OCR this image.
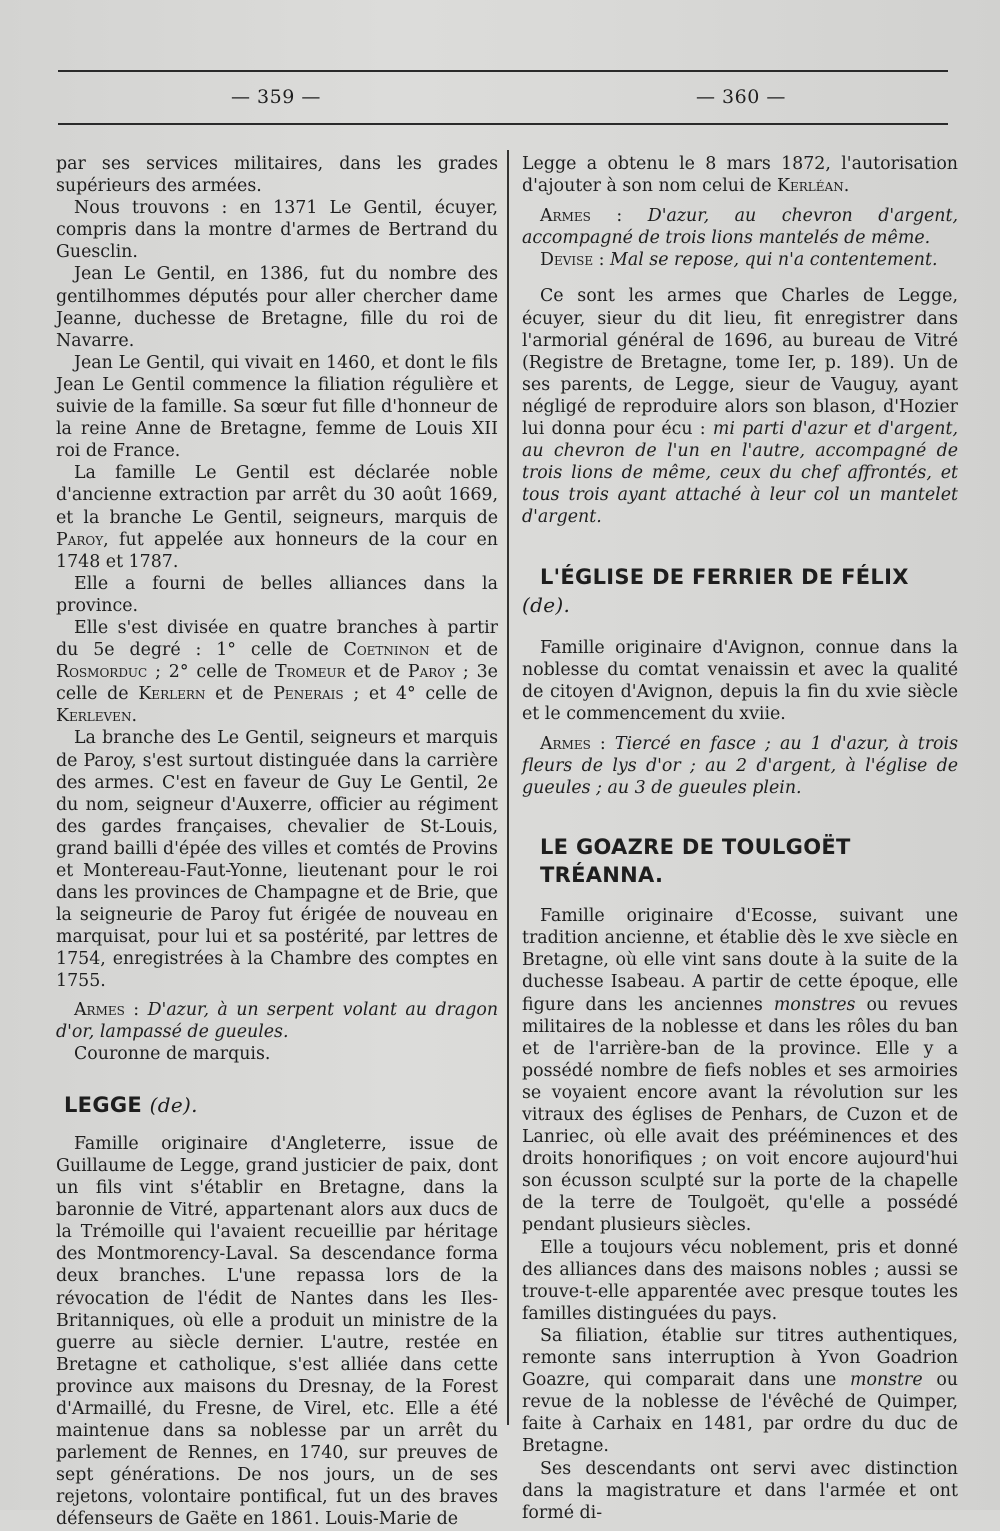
— 359 —	— 360 —

par ses services militaires, dans les grades supérieurs des armées.

Nous trouvons : en 1371 Le Gentil, écuyer, compris dans la montre d'armes de Bertrand du Guesclin.

Jean Le Gentil, en 1386, fut du nombre des gentilhommes députés pour aller chercher dame Jeanne, duchesse de Bretagne, fille du roi de Navarre.

Jean Le Gentil, qui vivait en 1460, et dont le fils Jean Le Gentil commence la filiation régulière et suivie de la famille. Sa sœur fut fille d'honneur de la reine Anne de Bretagne, femme de Louis XII roi de France.

La famille Le Gentil est déclarée noble d'ancienne extraction par arrêt du 30 août 1669, et la branche Le Gentil, seigneurs, marquis de Paroy, fut appelée aux honneurs de la cour en 1748 et 1787.

Elle a fourni de belles alliances dans la province.

Elle s'est divisée en quatre branches à partir du 5e degré : 1° celle de Coetninon et de Rosmorduc ; 2° celle de Tromeur et de Paroy ; 3e celle de Kerlern et de Penerais ; et 4° celle de Kerleven.

La branche des Le Gentil, seigneurs et marquis de Paroy, s'est surtout distinguée dans la carrière des armes. C'est en faveur de Guy Le Gentil, 2e du nom, seigneur d'Auxerre, officier au régiment des gardes françaises, chevalier de St-Louis, grand bailli d'épée des villes et comtés de Provins et Montereau-Faut-Yonne, lieutenant pour le roi dans les provinces de Champagne et de Brie, que la seigneurie de Paroy fut érigée de nouveau en marquisat, pour lui et sa postérité, par lettres de 1754, enregistrées à la Chambre des comptes en 1755.

Armes : D'azur, à un serpent volant au dragon d'or, lampassé de gueules.

Couronne de marquis.

LEGGE (de).

Famille originaire d'Angleterre, issue de Guillaume de Legge, grand justicier de paix, dont un fils vint s'établir en Bretagne, dans la baronnie de Vitré, appartenant alors aux ducs de la Trémoille qui l'avaient recueillie par héritage des Montmorency-Laval. Sa descendance forma deux branches. L'une repassa lors de la révocation de l'édit de Nantes dans les Iles-Britanniques, où elle a produit un ministre de la guerre au siècle dernier. L'autre, restée en Bretagne et catholique, s'est alliée dans cette province aux maisons du Dresnay, de la Forest d'Armaillé, du Fresne, de Virel, etc. Elle a été maintenue dans sa noblesse par un arrêt du parlement de Rennes, en 1740, sur preuves de sept générations. De nos jours, un de ses rejetons, volontaire pontifical, fut un des braves défenseurs de Gaëte en 1861. Louis-Marie de

Legge a obtenu le 8 mars 1872, l'autorisation d'ajouter à son nom celui de Kerléan.

Armes : D'azur, au chevron d'argent, accompagné de trois lions mantelés de même.

Devise : Mal se repose, qui n'a contentement.

Ce sont les armes que Charles de Legge, écuyer, sieur du dit lieu, fit enregistrer dans l'armorial général de 1696, au bureau de Vitré (Registre de Bretagne, tome Ier, p. 189). Un de ses parents, de Legge, sieur de Vauguy, ayant négligé de reproduire alors son blason, d'Hozier lui donna pour écu : mi parti d'azur et d'argent, au chevron de l'un en l'autre, accompagné de trois lions de même, ceux du chef affrontés, et tous trois ayant attaché à leur col un mantelet d'argent.

L'ÉGLISE DE FERRIER DE FÉLIX
(de).

Famille originaire d'Avignon, connue dans la noblesse du comtat venaissin et avec la qualité de citoyen d'Avignon, depuis la fin du xvie siècle et le commencement du xviie.

Armes : Tiercé en fasce ; au 1 d'azur, à trois fleurs de lys d'or ; au 2 d'argent, à l'église de gueules ; au 3 de gueules plein.

LE GOAZRE DE TOULGOËT TRÉANNA.

Famille originaire d'Ecosse, suivant une tradition ancienne, et établie dès le xve siècle en Bretagne, où elle vint sans doute à la suite de la duchesse Isabeau. A partir de cette époque, elle figure dans les anciennes monstres ou revues militaires de la noblesse et dans les rôles du ban et de l'arrière-ban de la province. Elle y a possédé nombre de fiefs nobles et ses armoiries se voyaient encore avant la révolution sur les vitraux des églises de Penhars, de Cuzon et de Lanriec, où elle avait des prééminences et des droits honorifiques ; on voit encore aujourd'hui son écusson sculpté sur la porte de la chapelle de la terre de Toulgoët, qu'elle a possédé pendant plusieurs siècles.

Elle a toujours vécu noblement, pris et donné des alliances dans des maisons nobles ; aussi se trouve-t-elle apparentée avec presque toutes les familles distinguées du pays.

Sa filiation, établie sur titres authentiques, remonte sans interruption à Yvon Goadrion Goazre, qui comparait dans une monstre ou revue de la noblesse de l'évêché de Quimper, faite à Carhaix en 1481, par ordre du duc de Bretagne.

Ses descendants ont servi avec distinction dans la magistrature et dans l'armée et ont formé di-
